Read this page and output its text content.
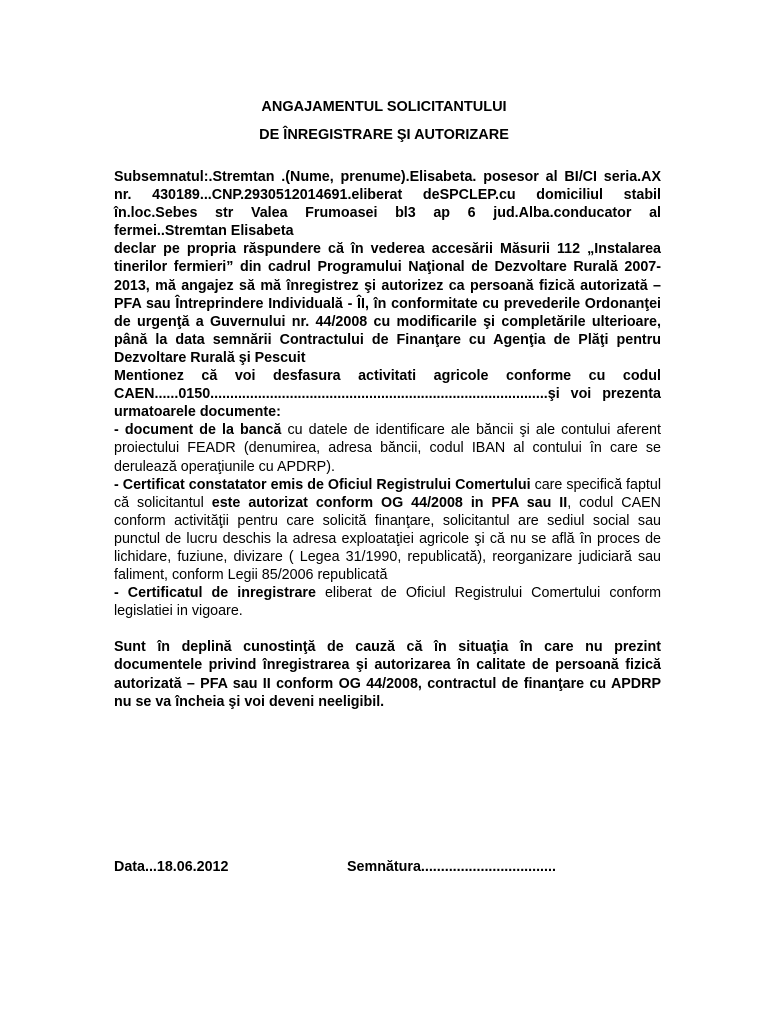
ANGAJAMENTUL SOLICITANTULUI
DE ÎNREGISTRARE ŞI AUTORIZARE

Subsemnatul:.Stremtan .(Nume, prenume).Elisabeta. posesor al BI/CI seria.AX nr. 430189...CNP.2930512014691.eliberat deSPCLEP.cu domiciliul stabil în.loc.Sebes str Valea Frumoasei bl3 ap 6 jud.Alba.conducator al fermei..Stremtan Elisabeta

declar pe propria răspundere că în vederea accesării Măsurii 112 „Instalarea tinerilor fermieri” din cadrul Programului Naţional de Dezvoltare Rurală 2007-2013, mă angajez să mă înregistrez şi autorizez ca persoană fizică autorizată – PFA sau Întreprindere Individuală - ÎI, în conformitate cu prevederile Ordonanţei de urgenţă a Guvernului nr. 44/2008 cu modificarile şi completările ulterioare, până la data semnării Contractului de Finanţare cu Agenţia de Plăţi pentru Dezvoltare Rurală şi Pescuit

Mentionez că voi desfasura activitati agricole conforme cu codul CAEN......0150.....................................................................................şi voi prezenta urmatoarele documente:

- document de la bancă cu datele de identificare ale băncii şi ale contului aferent proiectului FEADR (denumirea, adresa băncii, codul IBAN al contului în care se derulează operaţiunile cu APDRP).

- Certificat constatator emis de Oficiul Registrului Comertului care specifică faptul că solicitantul este autorizat conform OG 44/2008 in PFA sau II, codul CAEN conform activităţii pentru care solicită finanţare, solicitantul are sediul social sau punctul de lucru deschis la adresa exploataţiei agricole şi că nu se află în proces de lichidare, fuziune, divizare ( Legea 31/1990, republicată), reorganizare judiciară sau faliment, conform Legii 85/2006 republicată

- Certificatul de inregistrare eliberat de Oficiul Registrului Comertului conform legislatiei in vigoare.

Sunt în deplină cunostinţă de cauză că în situaţia în care nu prezint documentele privind înregistrarea şi autorizarea în calitate de persoană fizică autorizată – PFA sau II conform OG 44/2008, contractul de finanţare cu APDRP nu se va încheia şi voi deveni neeligibil.

Data...18.06.2012	Semnătura..................................
